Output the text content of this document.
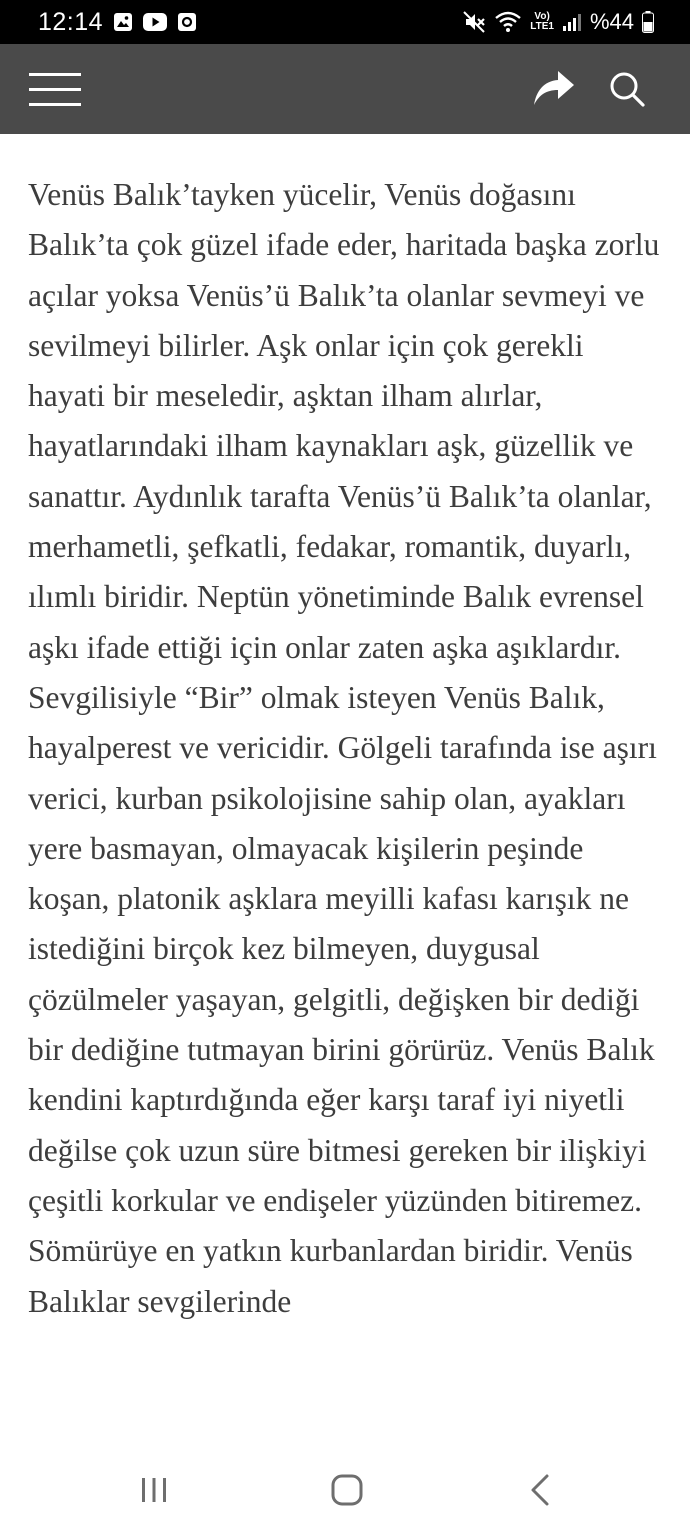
12:14	Vo)
LTE1 %44

Venüs Balık’tayken yücelir, Venüs doğasını Balık’ta çok güzel ifade eder, haritada başka zorlu açılar yoksa Venüs’ü Balık’ta olanlar sevmeyi ve sevilmeyi bilirler. Aşk onlar için çok gerekli hayati bir meseledir, aşktan ilham alırlar, hayatlarındaki ilham kaynakları aşk, güzellik ve sanattır. Aydınlık tarafta Venüs’ü Balık’ta olanlar, merhametli, şefkatli, fedakar, romantik, duyarlı, ılımlı biridir. Neptün yönetiminde Balık evrensel aşkı ifade ettiği için onlar zaten aşka aşıklardır. Sevgilisiyle “Bir” olmak isteyen Venüs Balık, hayalperest ve vericidir. Gölgeli tarafında ise aşırı verici, kurban psikolojisine sahip olan, ayakları yere basmayan, olmayacak kişilerin peşinde koşan, platonik aşklara meyilli kafası karışık ne istediğini birçok kez bilmeyen, duygusal çözülmeler yaşayan, gelgitli, değişken bir dediği bir dediğine tutmayan birini görürüz. Venüs Balık kendini kaptırdığında eğer karşı taraf iyi niyetli değilse çok uzun süre bitmesi gereken bir ilişkiyi çeşitli korkular ve endişeler yüzünden bitiremez. Sömürüye en yatkın kurbanlardan biridir. Venüs Balıklar sevgilerinde
